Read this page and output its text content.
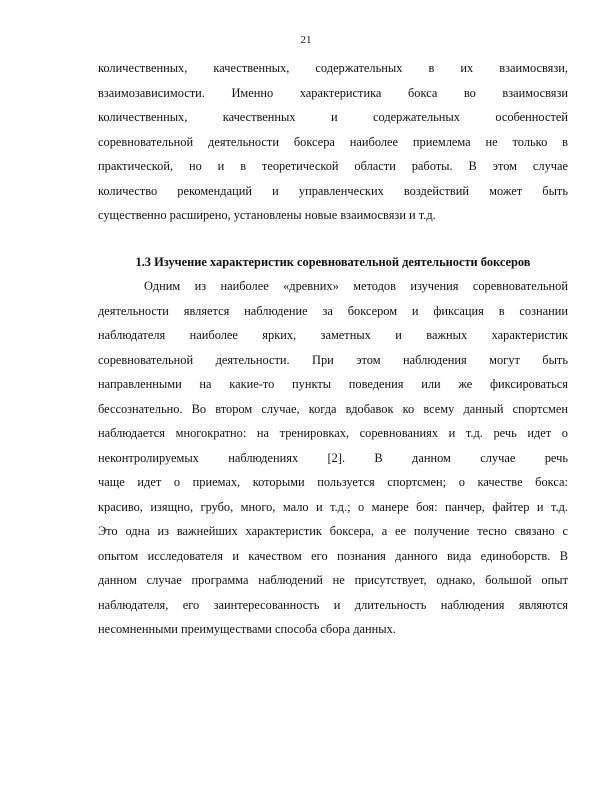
21

количественных, качественных, содержательных в их взаимосвязи,
взаимозависимости. Именно характеристика бокса во взаимосвязи
количественных, качественных и содержательных особенностей
соревновательной деятельности боксера наиболее приемлема не только в
практической, но и в теоретической области работы. В этом случае
количество рекомендаций и управленческих воздействий может быть
существенно расширено, установлены новые взаимосвязи и т.д.

1.3 Изучение характеристик соревновательной деятельности боксеров

Одним из наиболее «древних» методов изучения соревновательной
деятельности является наблюдение за боксером и фиксация в сознании
наблюдателя наиболее ярких, заметных и важных характеристик
соревновательной деятельности. При этом наблюдения могут быть
направленными на какие-то пункты поведения или же фиксироваться
бессознательно. Во втором случае, когда вдобавок ко всему данный спортсмен
наблюдается многократно: на тренировках, соревнованиях и т.д. речь идет о
неконтролируемых наблюдениях [2]. В данном случае речь
чаще идет о приемах, которыми пользуется спортсмен; о качестве бокса:
красиво, изящно, грубо, много, мало и т.д.; о манере боя: панчер, файтер и т.д.
Это одна из важнейших характеристик боксера, а ее получение тесно связано с
опытом исследователя и качеством его познания данного вида единоборств. В
данном случае программа наблюдений не присутствует, однако, большой опыт
наблюдателя, его заинтересованность и длительность наблюдения являются
несомненными преимуществами способа сбора данных.
